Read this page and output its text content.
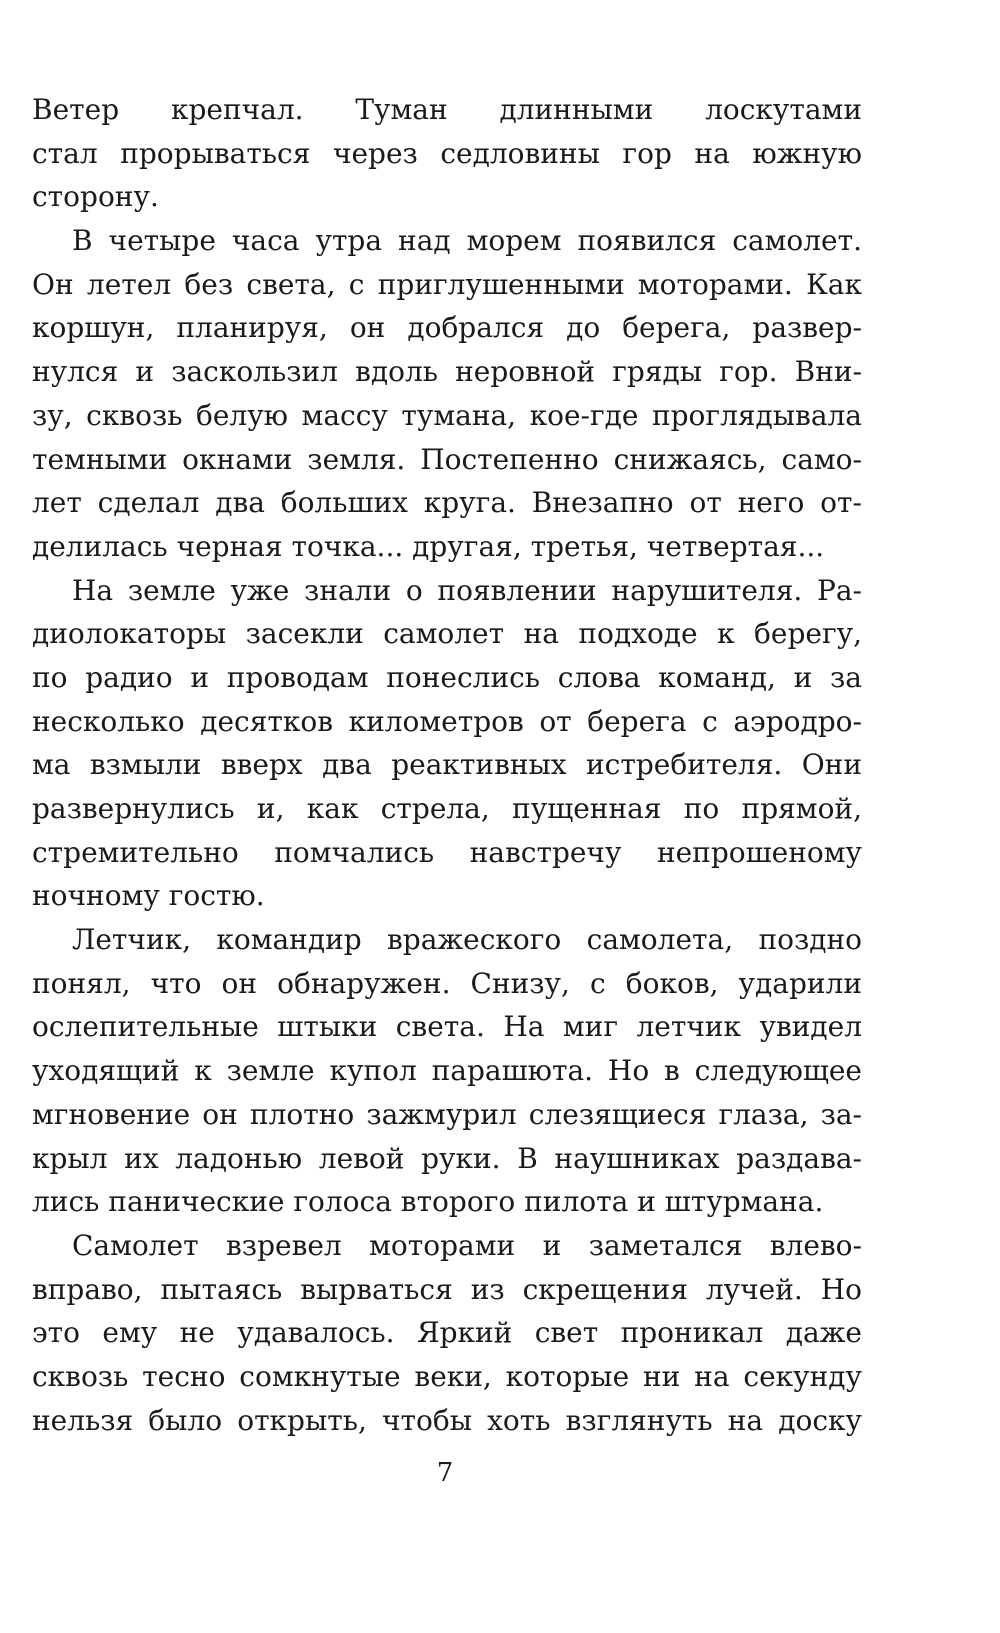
Ветер крепчал. Туман длинными лоскутами
стал прорываться через седловины гор на южную
сторону.
В четыре часа утра над морем появился самолет.
Он летел без света, с приглушенными моторами. Как
коршун, планируя, он добрался до берега, развер-
нулся и заскользил вдоль неровной гряды гор. Вни-
зу, сквозь белую массу тумана, кое-где проглядывала
темными окнами земля. Постепенно снижаясь, само-
лет сделал два больших круга. Внезапно от него от-
делилась черная точка... другая, третья, четвертая...
На земле уже знали о появлении нарушителя. Ра-
диолокаторы засекли самолет на подходе к берегу,
по радио и проводам понеслись слова команд, и за
несколько десятков километров от берега с аэродро-
ма взмыли вверх два реактивных истребителя. Они
развернулись и, как стрела, пущенная по прямой,
стремительно помчались навстречу непрошеному
ночному гостю.
Летчик, командир вражеского самолета, поздно
понял, что он обнаружен. Снизу, с боков, ударили
ослепительные штыки света. На миг летчик увидел
уходящий к земле купол парашюта. Но в следующее
мгновение он плотно зажмурил слезящиеся глаза, за-
крыл их ладонью левой руки. В наушниках раздава-
лись панические голоса второго пилота и штурмана.
Самолет взревел моторами и заметался влево-
вправо, пытаясь вырваться из скрещения лучей. Но
это ему не удавалось. Яркий свет проникал даже
сквозь тесно сомкнутые веки, которые ни на секунду
нельзя было открыть, чтобы хоть взглянуть на доску
7
